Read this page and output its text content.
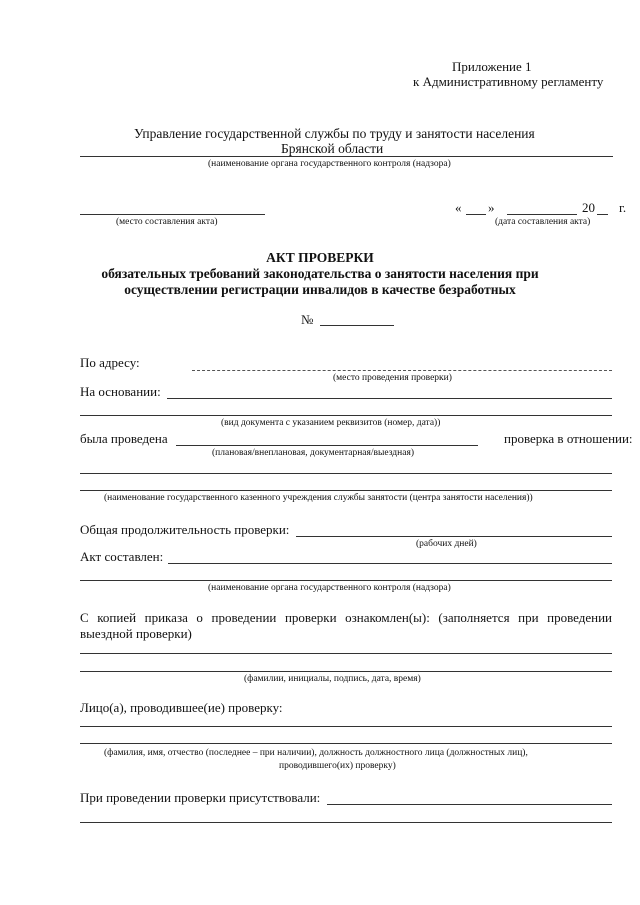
Приложение 1
к Административному регламенту
Управление государственной службы по труду и занятости населения
Брянской области
(наименование органа государственного контроля (надзора)
(место составления акта)
« »	20 г.
(дата составления акта)
АКТ ПРОВЕРКИ
обязательных требований законодательства о занятости населения при
осуществлении регистрации инвалидов в качестве безработных
№
По адресу:
(место проведения проверки)
На основании:
(вид документа с указанием реквизитов (номер, дата))
была проведена	проверка в отношении:
(плановая/внеплановая, документарная/выездная)
(наименование государственного казенного учреждения службы занятости (центра занятости населения))
Общая продолжительность проверки:
(рабочих дней)
Акт составлен:
(наименование органа государственного контроля (надзора)
С копией приказа о проведении проверки ознакомлен(ы): (заполняется при проведении выездной проверки)
(фамилии, инициалы, подпись, дата, время)
Лицо(а), проводившее(ие) проверку:
(фамилия, имя, отчество (последнее – при наличии), должность должностного лица (должностных лиц),
проводившего(их) проверку)
При проведении проверки присутствовали:
